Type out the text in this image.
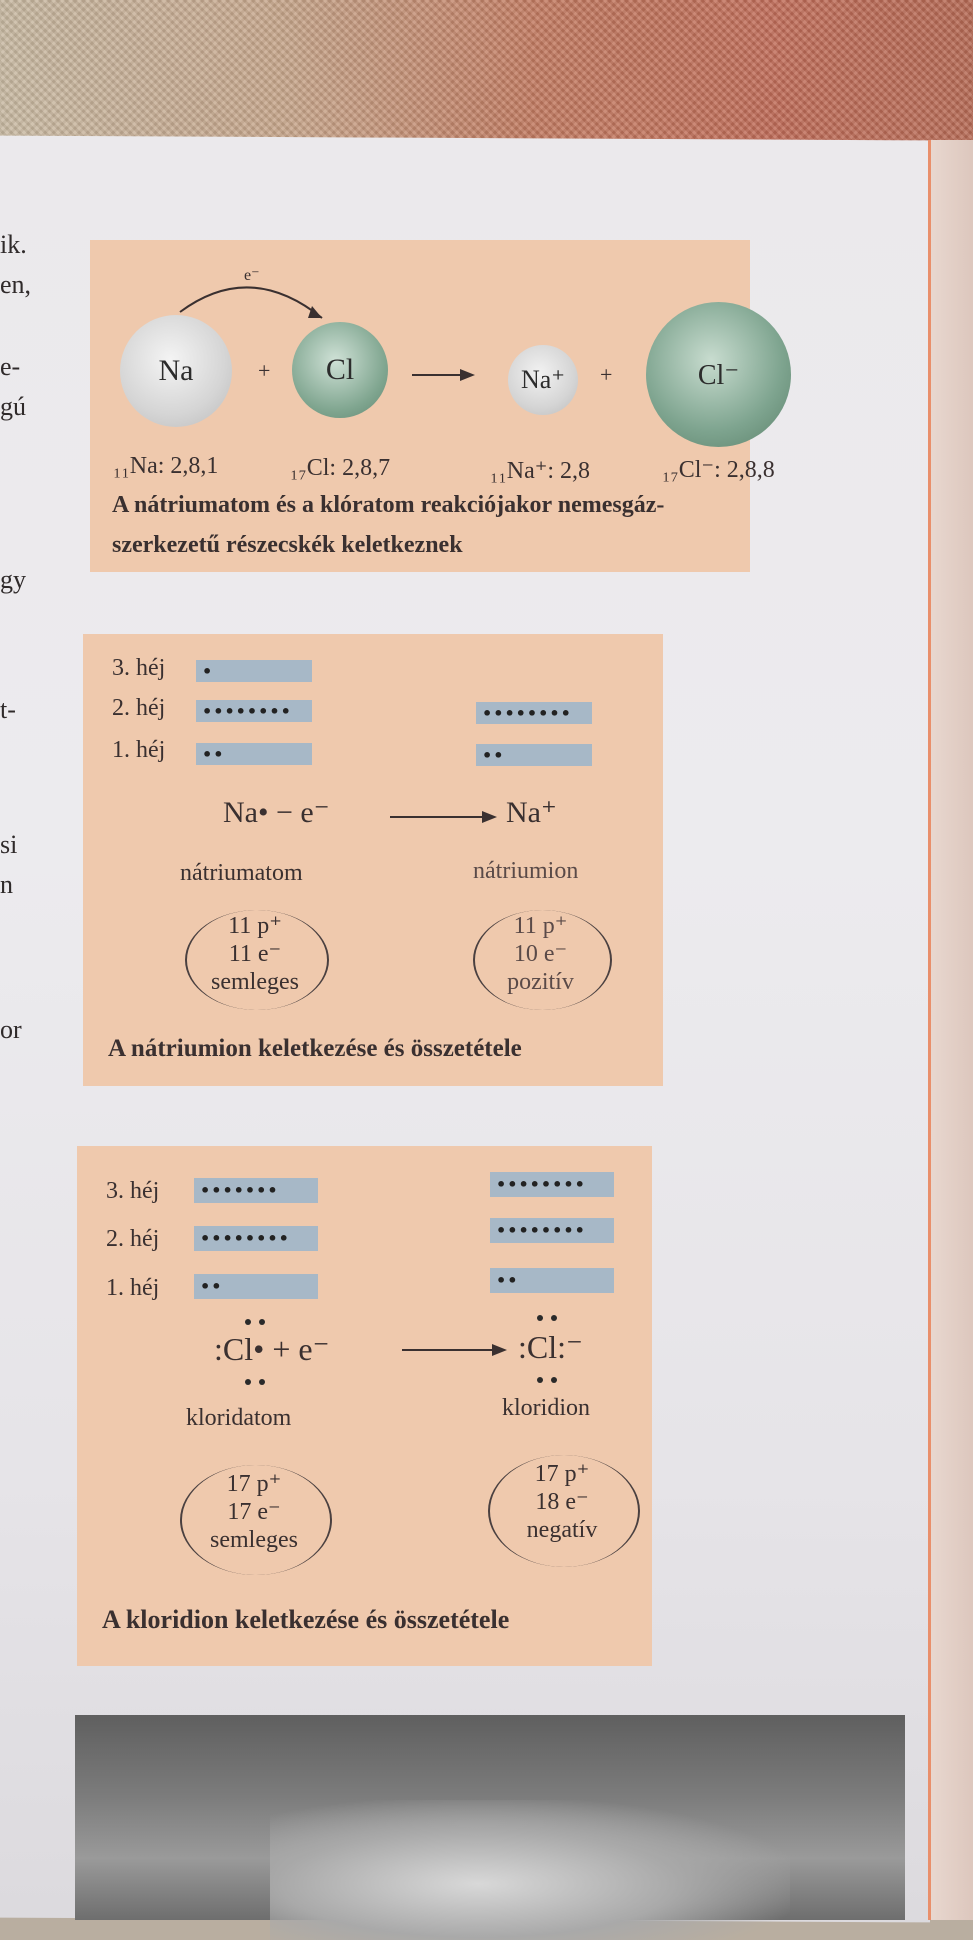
ik.
en,
e-
gú
gy
t-
si
n
or
e⁻
Na	+	Cl	Na⁺	+	Cl⁻
₁₁Na: 2,8,1	₁₇Cl: 2,8,7	₁₁Na⁺: 2,8	₁₇Cl⁻: 2,8,8
A nátriumatom és a klóratom reakciójakor nemesgáz-
szerkezetű részecskék keletkeznek
3. héj
2. héj
1. héj
•
••••••••
••
••••••••
••
Na• − e⁻	Na⁺
nátriumatom	nátriumion
11 p⁺
11 e⁻
semleges
11 p⁺
10 e⁻
pozitív
A nátriumion keletkezése és összetétele
3. héj
2. héj
1. héj
•••••••
••••••••
••
••••••••
••••••••
••
:Cl• + e⁻	:Cl:⁻
kloridatom	kloridion
17 p⁺
17 e⁻
semleges
17 p⁺
18 e⁻
negatív
A kloridion keletkezése és összetétele
